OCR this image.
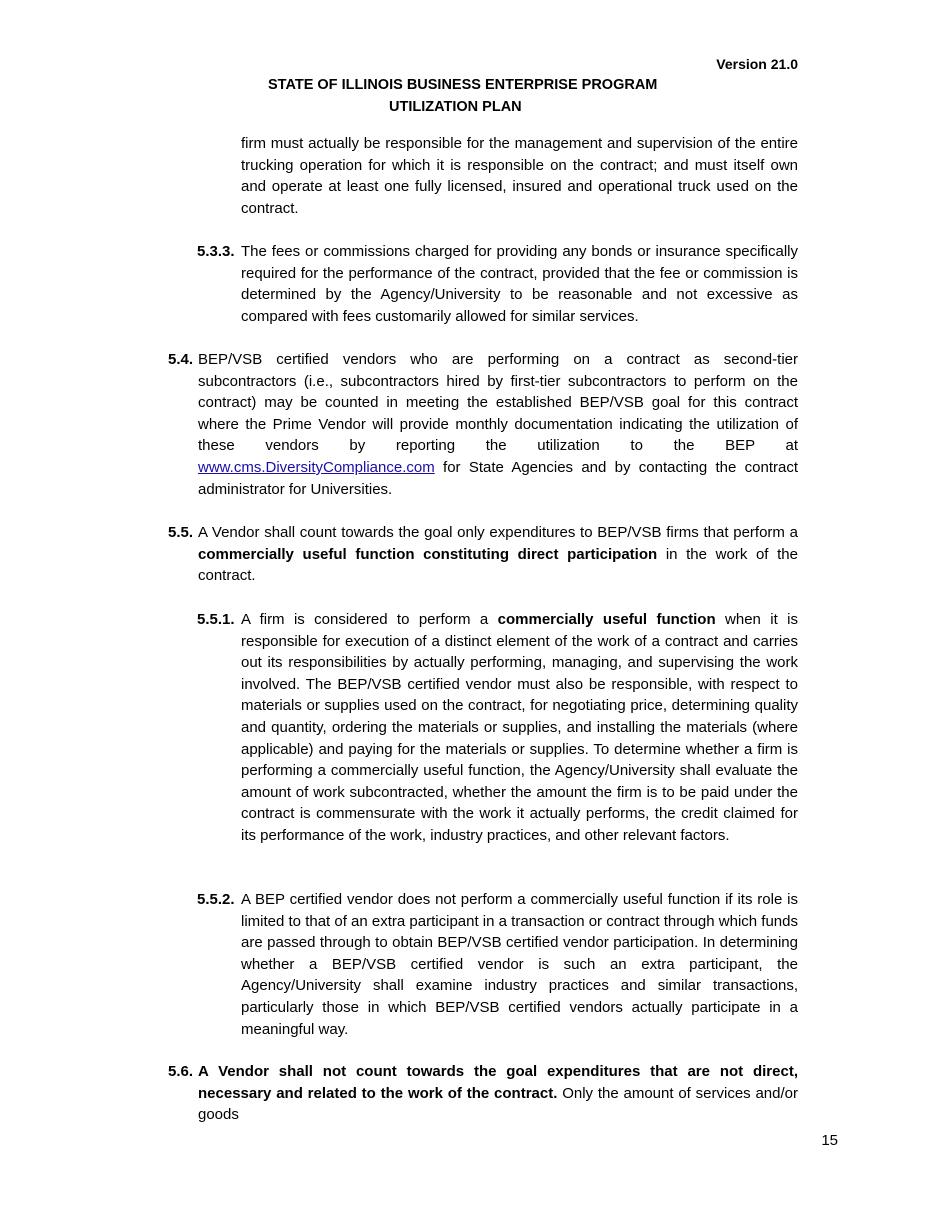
Version 21.0
STATE OF ILLINOIS BUSINESS ENTERPRISE PROGRAM
UTILIZATION PLAN
firm must actually be responsible for the management and supervision of the entire trucking operation for which it is responsible on the contract; and must itself own and operate at least one fully licensed, insured and operational truck used on the contract.
5.3.3. The fees or commissions charged for providing any bonds or insurance specifically required for the performance of the contract, provided that the fee or commission is determined by the Agency/University to be reasonable and not excessive as compared with fees customarily allowed for similar services.
5.4. BEP/VSB certified vendors who are performing on a contract as second-tier subcontractors (i.e., subcontractors hired by first-tier subcontractors to perform on the contract) may be counted in meeting the established BEP/VSB goal for this contract where the Prime Vendor will provide monthly documentation indicating the utilization of these vendors by reporting the utilization to the BEP at www.cms.DiversityCompliance.com for State Agencies and by contacting the contract administrator for Universities.
5.5. A Vendor shall count towards the goal only expenditures to BEP/VSB firms that perform a commercially useful function constituting direct participation in the work of the contract.
5.5.1. A firm is considered to perform a commercially useful function when it is responsible for execution of a distinct element of the work of a contract and carries out its responsibilities by actually performing, managing, and supervising the work involved. The BEP/VSB certified vendor must also be responsible, with respect to materials or supplies used on the contract, for negotiating price, determining quality and quantity, ordering the materials or supplies, and installing the materials (where applicable) and paying for the materials or supplies. To determine whether a firm is performing a commercially useful function, the Agency/University shall evaluate the amount of work subcontracted, whether the amount the firm is to be paid under the contract is commensurate with the work it actually performs, the credit claimed for its performance of the work, industry practices, and other relevant factors.
5.5.2. A BEP certified vendor does not perform a commercially useful function if its role is limited to that of an extra participant in a transaction or contract through which funds are passed through to obtain BEP/VSB certified vendor participation. In determining whether a BEP/VSB certified vendor is such an extra participant, the Agency/University shall examine industry practices and similar transactions, particularly those in which BEP/VSB certified vendors actually participate in a meaningful way.
5.6. A Vendor shall not count towards the goal expenditures that are not direct, necessary and related to the work of the contract. Only the amount of services and/or goods
15
